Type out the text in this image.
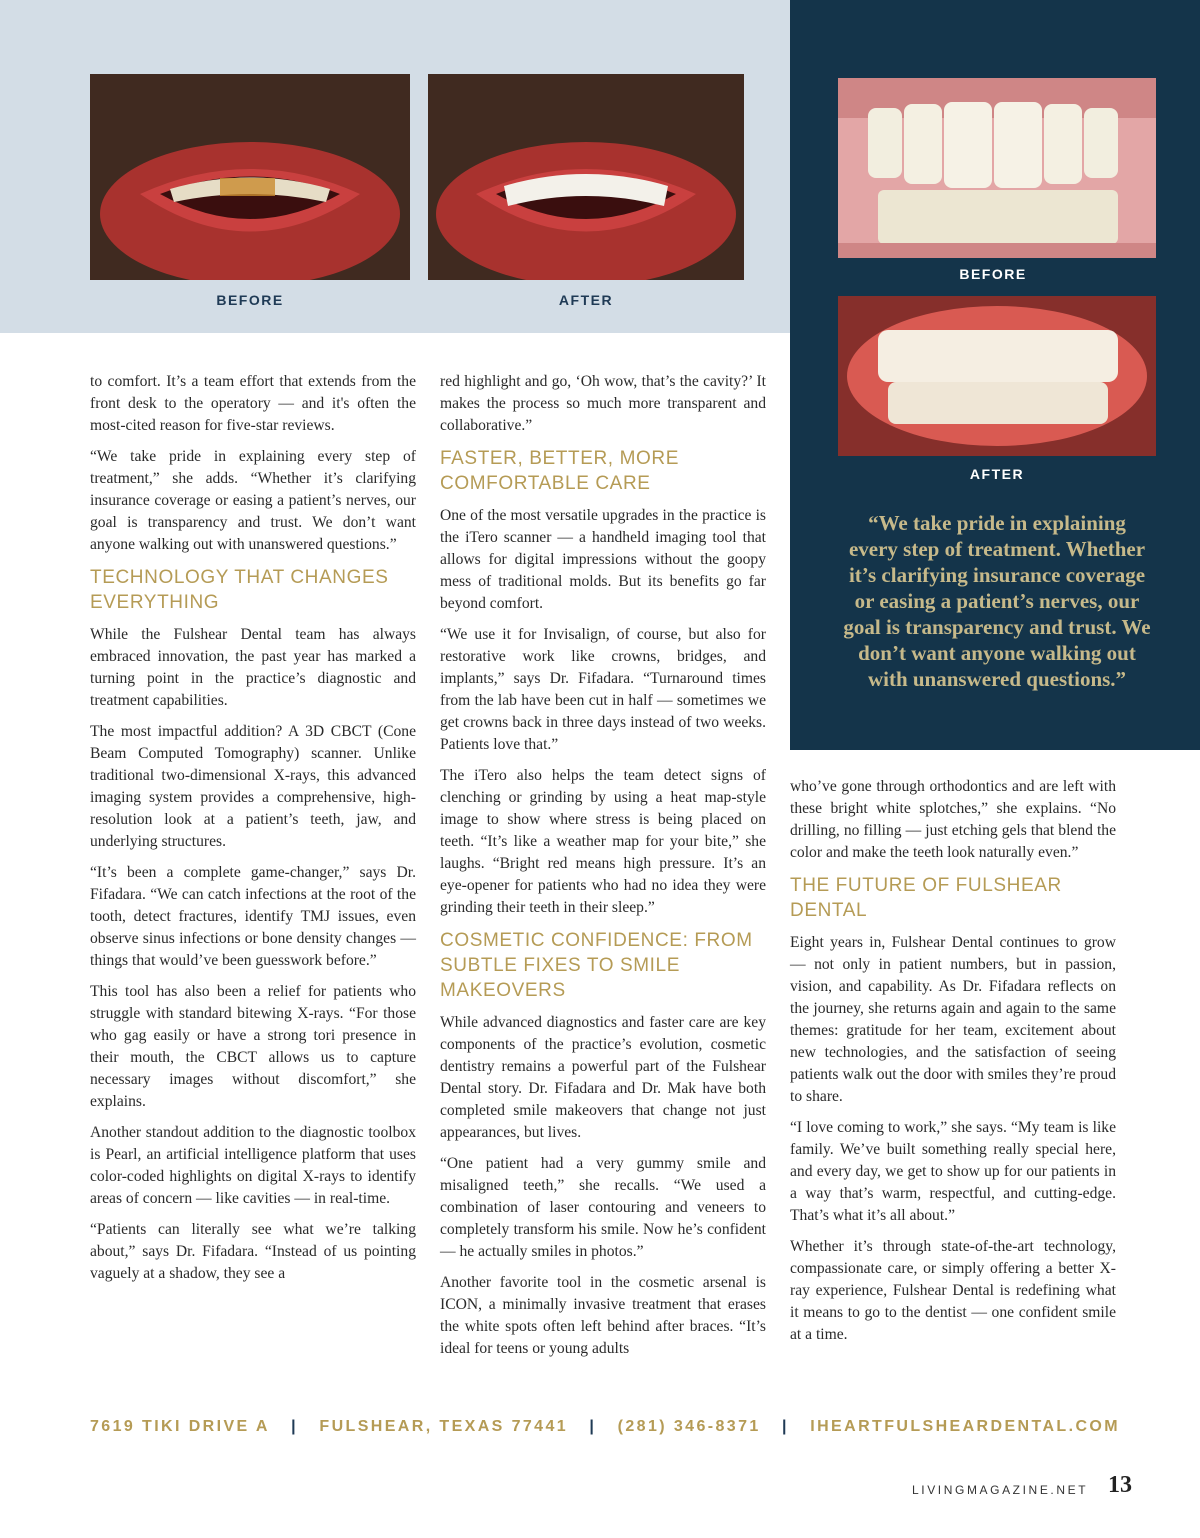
BEFORE	AFTER
BEFORE
AFTER
“We take pride in explaining every step of treatment. Whether it’s clarifying insurance coverage or easing a patient’s nerves, our goal is transparency and trust. We don’t want anyone walking out with unanswered questions.”

to comfort. It’s a team effort that extends from the front desk to the operatory — and it's often the most-cited reason for five-star reviews.

“We take pride in explaining every step of treatment,” she adds. “Whether it’s clarifying insurance coverage or easing a patient’s nerves, our goal is transparency and trust. We don’t want anyone walking out with unanswered questions.”

TECHNOLOGY THAT CHANGES EVERYTHING

While the Fulshear Dental team has always embraced innovation, the past year has marked a turning point in the practice’s diagnostic and treatment capabilities.

The most impactful addition? A 3D CBCT (Cone Beam Computed Tomography) scanner. Unlike traditional two-dimensional X-rays, this advanced imaging system provides a comprehensive, high-resolution look at a patient’s teeth, jaw, and underlying structures.

“It’s been a complete game-changer,” says Dr. Fifadara. “We can catch infections at the root of the tooth, detect fractures, identify TMJ issues, even observe sinus infections or bone density changes — things that would’ve been guesswork before.”

This tool has also been a relief for patients who struggle with standard bitewing X-rays. “For those who gag easily or have a strong tori presence in their mouth, the CBCT allows us to capture necessary images without discomfort,” she explains.

Another standout addition to the diagnostic toolbox is Pearl, an artificial intelligence platform that uses color-coded highlights on digital X-rays to identify areas of concern — like cavities — in real-time.

“Patients can literally see what we’re talking about,” says Dr. Fifadara. “Instead of us pointing vaguely at a shadow, they see a

red highlight and go, ‘Oh wow, that’s the cavity?’ It makes the process so much more transparent and collaborative.”

FASTER, BETTER, MORE COMFORTABLE CARE

One of the most versatile upgrades in the practice is the iTero scanner — a handheld imaging tool that allows for digital impressions without the goopy mess of traditional molds. But its benefits go far beyond comfort.

“We use it for Invisalign, of course, but also for restorative work like crowns, bridges, and implants,” says Dr. Fifadara. “Turnaround times from the lab have been cut in half — sometimes we get crowns back in three days instead of two weeks. Patients love that.”

The iTero also helps the team detect signs of clenching or grinding by using a heat map-style image to show where stress is being placed on teeth. “It’s like a weather map for your bite,” she laughs. “Bright red means high pressure. It’s an eye-opener for patients who had no idea they were grinding their teeth in their sleep.”

COSMETIC CONFIDENCE: FROM SUBTLE FIXES TO SMILE MAKEOVERS

While advanced diagnostics and faster care are key components of the practice’s evolution, cosmetic dentistry remains a powerful part of the Fulshear Dental story. Dr. Fifadara and Dr. Mak have both completed smile makeovers that change not just appearances, but lives.

“One patient had a very gummy smile and misaligned teeth,” she recalls. “We used a combination of laser contouring and veneers to completely transform his smile. Now he’s confident — he actually smiles in photos.”

Another favorite tool in the cosmetic arsenal is ICON, a minimally invasive treatment that erases the white spots often left behind after braces. “It’s ideal for teens or young adults

who’ve gone through orthodontics and are left with these bright white splotches,” she explains. “No drilling, no filling — just etching gels that blend the color and make the teeth look naturally even.”

THE FUTURE OF FULSHEAR DENTAL

Eight years in, Fulshear Dental continues to grow — not only in patient numbers, but in passion, vision, and capability. As Dr. Fifadara reflects on the journey, she returns again and again to the same themes: gratitude for her team, excitement about new technologies, and the satisfaction of seeing patients walk out the door with smiles they’re proud to share.

“I love coming to work,” she says. “My team is like family. We’ve built something really special here, and every day, we get to show up for our patients in a way that’s warm, respectful, and cutting-edge. That’s what it’s all about.”

Whether it’s through state-of-the-art technology, compassionate care, or simply offering a better X-ray experience, Fulshear Dental is redefining what it means to go to the dentist — one confident smile at a time.

7619 TIKI DRIVE A | FULSHEAR, TEXAS 77441 | (281) 346-8371 | IHEARTFULSHEARDENTAL.COM
LIVINGMAGAZINE.NET 13
